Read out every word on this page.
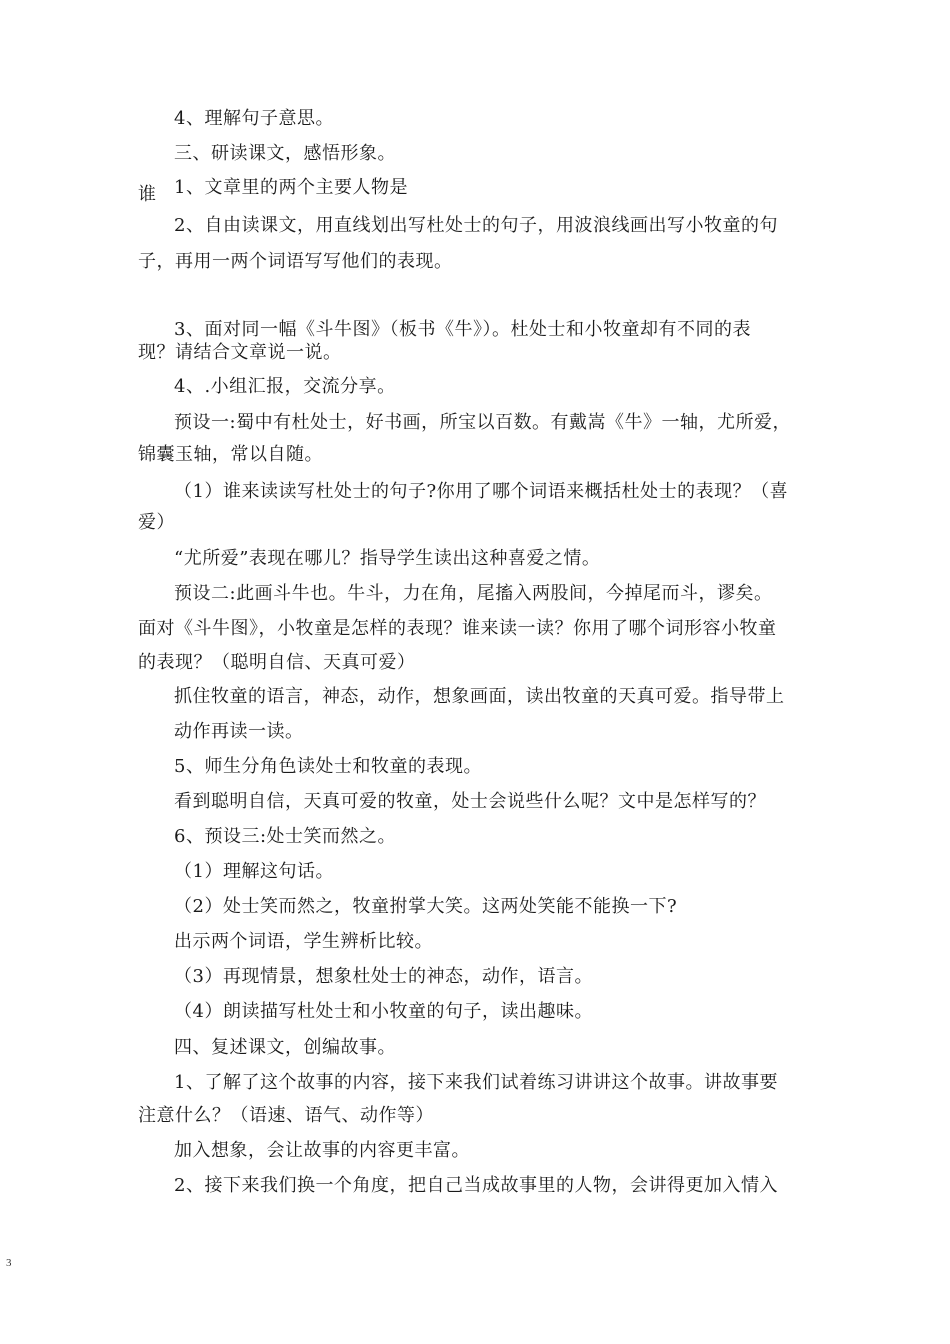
4、理解句子意思。
三、研读课文，感悟形象。
1、文章里的两个主要人物是
谁
2、自由读课文，用直线划出写杜处士的句子，用波浪线画出写小牧童的句
子，再用一两个词语写写他们的表现。
3、面对同一幅《斗牛图》（板书《牛》）。杜处士和小牧童却有不同的表
现？请结合文章说一说。
4、.小组汇报，交流分享。
预设一:蜀中有杜处士，好书画，所宝以百数。有戴嵩《牛》一轴，尤所爱，
锦囊玉轴，常以自随。
（1）谁来读读写杜处士的句子?你用了哪个词语来概括杜处士的表现？（喜
爱）
“尤所爱”表现在哪儿？指导学生读出这种喜爱之情。
预设二:此画斗牛也。牛斗，力在角，尾搐入两股间，今掉尾而斗，谬矣。
面对《斗牛图》，小牧童是怎样的表现？谁来读一读？你用了哪个词形容小牧童
的表现？（聪明自信、天真可爱）
抓住牧童的语言，神态，动作，想象画面，读出牧童的天真可爱。指导带上
动作再读一读。
5、师生分角色读处士和牧童的表现。
看到聪明自信，天真可爱的牧童，处士会说些什么呢？文中是怎样写的？
6、预设三:处士笑而然之。
（1）理解这句话。
（2）处士笑而然之，牧童拊掌大笑。这两处笑能不能换一下?
出示两个词语，学生辨析比较。
（3）再现情景，想象杜处士的神态，动作，语言。
（4）朗读描写杜处士和小牧童的句子，读出趣味。
四、复述课文，创编故事。
1、了解了这个故事的内容，接下来我们试着练习讲讲这个故事。讲故事要
注意什么？（语速、语气、动作等）
加入想象，会让故事的内容更丰富。
2、接下来我们换一个角度，把自己当成故事里的人物，会讲得更加入情入
3
